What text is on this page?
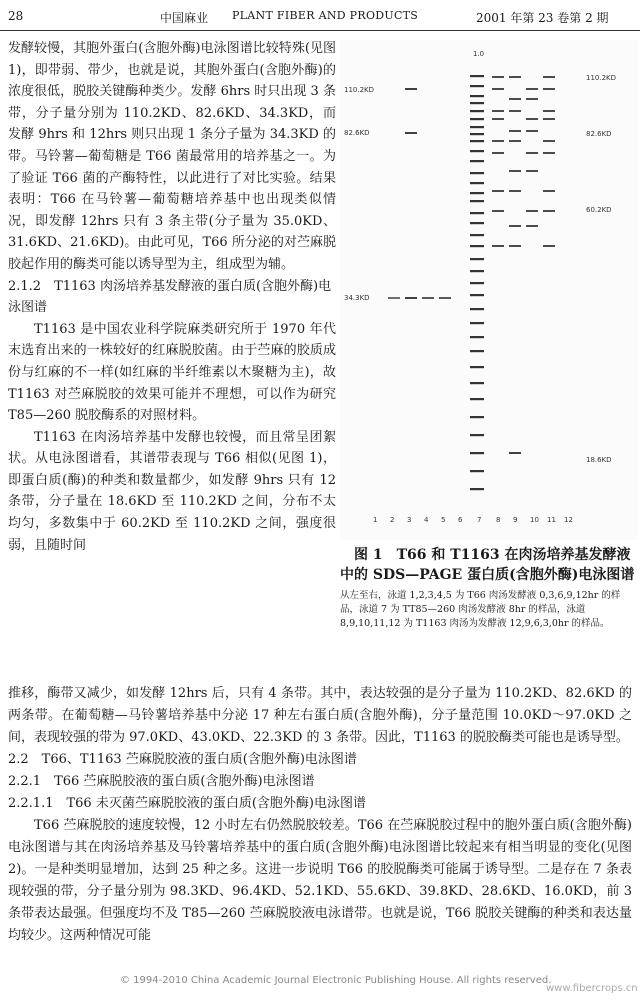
28	中国麻业 PLANT FIBER AND PRODUCTS	2001 年第 23 卷第 2 期

发酵较慢，其胞外蛋白(含胞外酶)电泳图谱比较特殊(见图 1)，即带弱、带少，也就是说，其胞外蛋白(含胞外酶)的浓度很低，脱胶关键酶种类少。发酵 6hrs 时只出现 3 条带，分子量分别为 110.2KD、82.6KD、34.3KD，而发酵 9hrs 和 12hrs 则只出现 1 条分子量为 34.3KD 的带。马铃薯—葡萄糖是 T66 菌最常用的培养基之一。为了验证 T66 菌的产酶特性，以此进行了对比实验。结果表明：T66 在马铃薯—葡萄糖培养基中也出现类似情况，即发酵 12hrs 只有 3 条主带(分子量为 35.0KD、31.6KD、21.6KD)。由此可见，T66 所分泌的对苎麻脱胶起作用的酶类可能以诱导型为主，组成型为辅。

2.1.2　T1163 肉汤培养基发酵液的蛋白质(含胞外酶)电泳图谱

T1163 是中国农业科学院麻类研究所于 1970 年代末选育出来的一株较好的红麻脱胶菌。由于苎麻的胶质成份与红麻的不一样(如红麻的半纤维素以木聚糖为主)，故 T1163 对苎麻脱胶的效果可能并不理想，可以作为研究 T85—260 脱胶酶系的对照材料。

T1163 在肉汤培养基中发酵也较慢，而且常呈团絮状。从电泳图谱看，其谱带表现与 T66 相似(见图 1)，即蛋白质(酶)的种类和数量都少，如发酵 9hrs 只有 12 条带，分子量在 18.6KD 至 110.2KD 之间，分布不太均匀，多数集中于 60.2KD 至 110.2KD 之间，强度很弱，且随时间

1.0
110.2KD
82.6KD
34.3KD
110.2KD
82.6KD
60.2KD
18.6KD
1 2 3 4 5 6 7 8 9 10 11 12
图 1　T66 和 T1163 在肉汤培养基发酵液中的 SDS—PAGE 蛋白质(含胞外酶)电泳图谱
从左至右，泳道 1,2,3,4,5 为 T66 肉汤发酵液 0,3,6,9,12hr 的样品，泳道 7 为 TT85—260 肉汤发酵液 8hr 的样品，泳道 8,9,10,11,12 为 T1163 肉汤为发酵液 12,9,6,3,0hr 的样品。

推移，酶带又减少，如发酵 12hrs 后，只有 4 条带。其中，表达较强的是分子量为 110.2KD、82.6KD 的两条带。在葡萄糖—马铃薯培养基中分泌 17 种左右蛋白质(含胞外酶)，分子量范围 10.0KD～97.0KD 之间，表现较强的带为 97.0KD、43.0KD、22.3KD 的 3 条带。因此，T1163 的脱胶酶类可能也是诱导型。

2.2　T66、T1163 苎麻脱胶液的蛋白质(含胞外酶)电泳图谱
2.2.1　T66 苎麻脱胶液的蛋白质(含胞外酶)电泳图谱
2.2.1.1　T66 未灭菌苎麻脱胶液的蛋白质(含胞外酶)电泳图谱

T66 苎麻脱胶的速度较慢，12 小时左右仍然脱胶较差。T66 在苎麻脱胶过程中的胞外蛋白质(含胞外酶)电泳图谱与其在肉汤培养基及马铃薯培养基中的蛋白质(含胞外酶)电泳图谱比较起来有相当明显的变化(见图 2)。一是种类明显增加，达到 25 种之多。这进一步说明 T66 的胶脱酶类可能属于诱导型。二是存在 7 条表现较强的带，分子量分别为 98.3KD、96.4KD、52.1KD、55.6KD、39.8KD、28.6KD、16.0KD，前 3 条带表达最强。但强度均不及 T85—260 苎麻脱胶液电泳谱带。也就是说，T66 脱胶关键酶的种类和表达量均较少。这两种情况可能

© 1994-2010 China Academic Journal Electronic Publishing House. All rights reserved.
www.fibercrops.cn
